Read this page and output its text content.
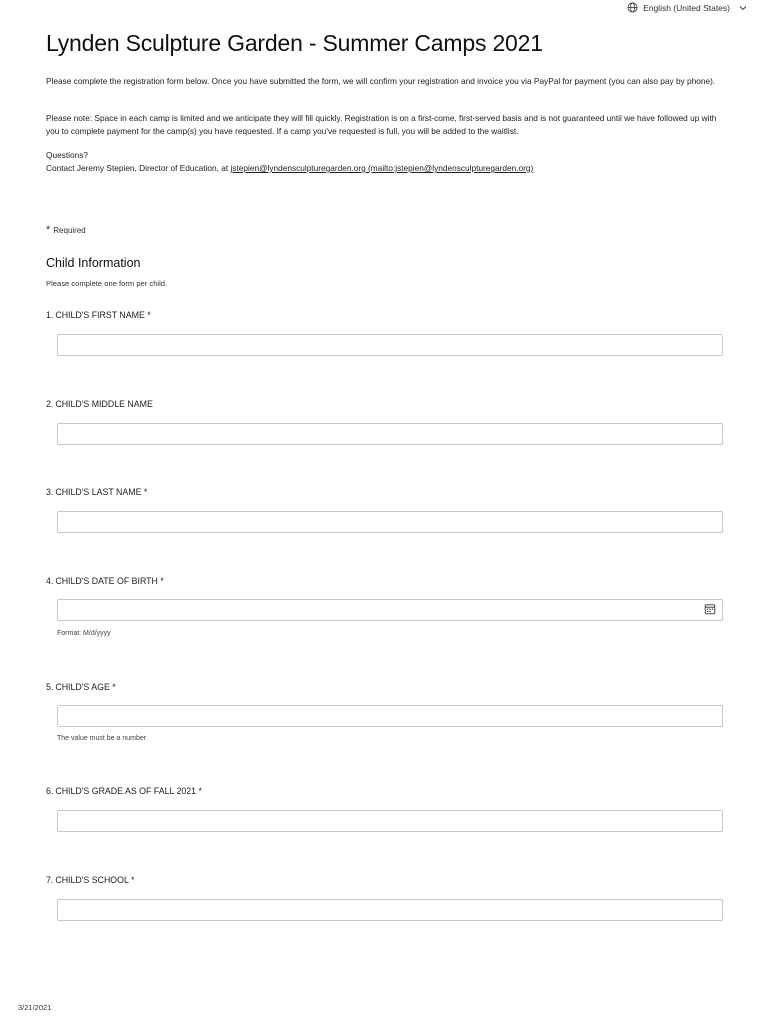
English (United States)
Lynden Sculpture Garden - Summer Camps 2021

Please complete the registration form below. Once you have submitted the form, we will confirm your registration and invoice you via PayPal for payment (you can also pay by phone).

Please note: Space in each camp is limited and we anticipate they will fill quickly. Registration is on a first-come, first-served basis and is not guaranteed until we have followed up with you to complete payment for the camp(s) you have requested. If a camp you've requested is full, you will be added to the waitlist.

Questions?
Contact Jeremy Stepien, Director of Education, at jstepien@lyndensculpturegarden.org (mailto:jstepien@lyndensculpturegarden.org)

* Required
Child Information
Please complete one form per child.
1. CHILD'S FIRST NAME *
2. CHILD'S MIDDLE NAME
3. CHILD'S LAST NAME *
4. CHILD'S DATE OF BIRTH *
Format: M/d/yyyy
5. CHILD'S AGE *
The value must be a number
6. CHILD'S GRADE AS OF FALL 2021 *
7. CHILD'S SCHOOL *
3/21/2021
